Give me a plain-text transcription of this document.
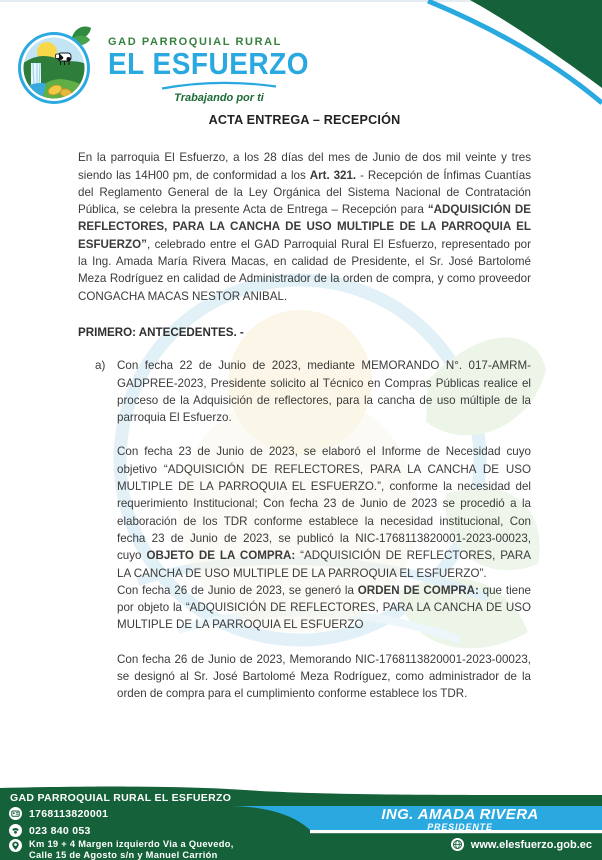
GAD PARROQUIAL RURAL
EL ESFUERZO
Trabajando por ti
ACTA ENTREGA – RECEPCIÓN

En la parroquia El Esfuerzo, a los 28 días del mes de Junio de dos mil veinte y tres siendo las 14H00 pm, de conformidad a los Art. 321. - Recepción de Ínfimas Cuantías del Reglamento General de la Ley Orgánica del Sistema Nacional de Contratación Pública, se celebra la presente Acta de Entrega – Recepción para “ADQUISICIÓN DE REFLECTORES, PARA LA CANCHA DE USO MULTIPLE DE LA PARROQUIA EL ESFUERZO”, celebrado entre el GAD Parroquial Rural El Esfuerzo, representado por la Ing. Amada María Rivera Macas, en calidad de Presidente, el Sr. José Bartolomé Meza Rodríguez en calidad de Administrador de la orden de compra, y como proveedor CONGACHA MACAS NESTOR ANIBAL.

PRIMERO: ANTECEDENTES. -

a)	Con fecha 22 de Junio de 2023, mediante MEMORANDO N°. 017-AMRM-GADPREE-2023, Presidente solicito al Técnico en Compras Públicas realice el proceso de la Adquisición de reflectores, para la cancha de uso múltiple de la parroquia El Esfuerzo.

Con fecha 23 de Junio de 2023, se elaboró el Informe de Necesidad cuyo objetivo “ADQUISICIÓN DE REFLECTORES, PARA LA CANCHA DE USO MULTIPLE DE LA PARROQUIA EL ESFUERZO.”, conforme la necesidad del requerimiento Institucional; Con fecha 23 de Junio de 2023 se procedió a la elaboración de los TDR conforme establece la necesidad institucional, Con fecha 23 de Junio de 2023, se publicó la NIC-1768113820001-2023-00023, cuyo OBJETO DE LA COMPRA: “ADQUISICIÓN DE REFLECTORES, PARA LA CANCHA DE USO MULTIPLE DE LA PARROQUIA EL ESFUERZO”.

Con fecha 26 de Junio de 2023, se generó la ORDEN DE COMPRA: que tiene por objeto la “ADQUISICIÓN DE REFLECTORES, PARA LA CANCHA DE USO MULTIPLE DE LA PARROQUIA EL ESFUERZO

Con fecha 26 de Junio de 2023, Memorando NIC-1768113820001-2023-00023, se designó al Sr. José Bartolomé Meza Rodríguez, como administrador de la orden de compra para el cumplimiento conforme establece los TDR.

GAD PARROQUIAL RURAL EL ESFUERZO
1768113820001
023 840 053
Km 19 + 4 Margen izquierdo Via a Quevedo,
Calle 15 de Agosto s/n y Manuel Carrión
ING. AMADA RIVERA
PRESIDENTE
www.elesfuerzo.gob.ec
